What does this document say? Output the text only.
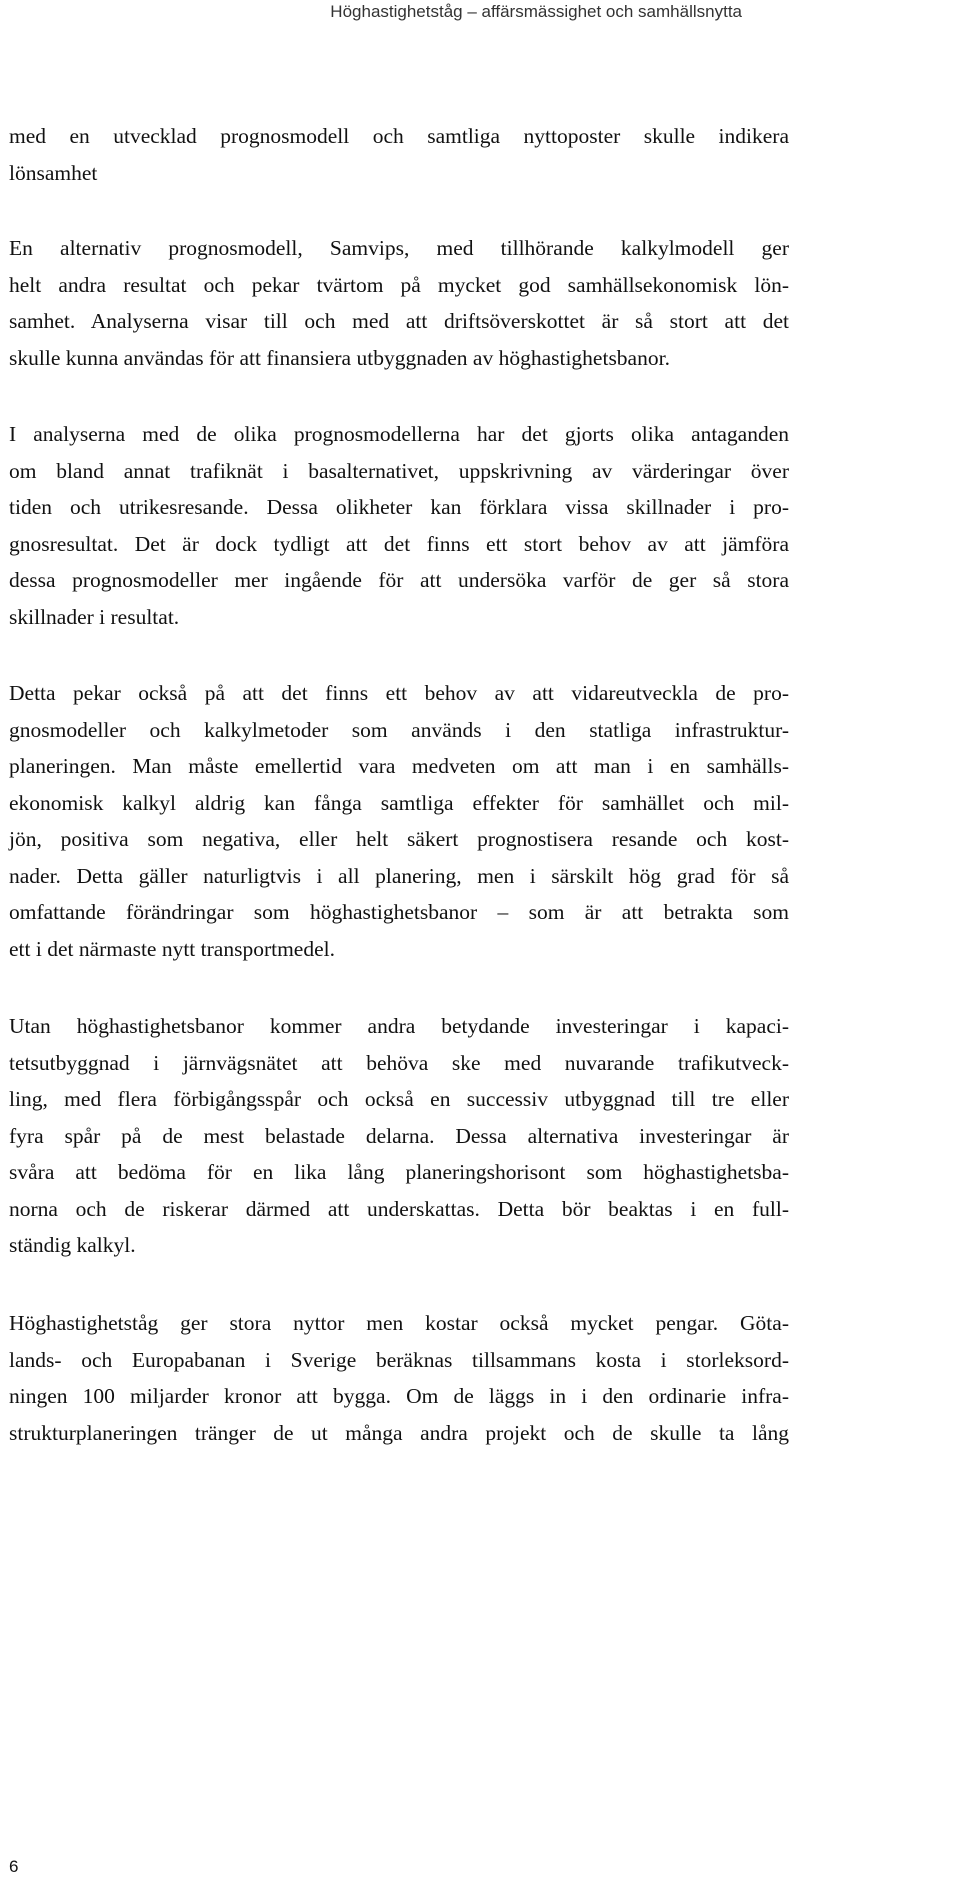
Höghastighetståg – affärsmässighet och samhällsnytta
med en utvecklad prognosmodell och samtliga nyttoposter skulle indikera
lönsamhet
En alternativ prognosmodell, Samvips, med tillhörande kalkylmodell ger
helt andra resultat och pekar tvärtom på mycket god samhällsekonomisk lön-
samhet. Analyserna visar till och med att driftsöverskottet är så stort att det
skulle kunna användas för att finansiera utbyggnaden av höghastighetsbanor.
I analyserna med de olika prognosmodellerna har det gjorts olika antaganden
om bland annat trafiknät i basalternativet, uppskrivning av värderingar över
tiden och utrikesresande. Dessa olikheter kan förklara vissa skillnader i pro-
gnosresultat. Det är dock tydligt att det finns ett stort behov av att jämföra
dessa prognosmodeller mer ingående för att undersöka varför de ger så stora
skillnader i resultat.
Detta pekar också på att det finns ett behov av att vidareutveckla de pro-
gnosmodeller och kalkylmetoder som används i den statliga infrastruktur-
planeringen. Man måste emellertid vara medveten om att man i en samhälls-
ekonomisk kalkyl aldrig kan fånga samtliga effekter för samhället och mil-
jön, positiva som negativa, eller helt säkert prognostisera resande och kost-
nader. Detta gäller naturligtvis i all planering, men i särskilt hög grad för så
omfattande förändringar som höghastighetsbanor – som är att betrakta som
ett i det närmaste nytt transportmedel.
Utan höghastighetsbanor kommer andra betydande investeringar i kapaci-
tetsutbyggnad i järnvägsnätet att behöva ske med nuvarande trafikutveck-
ling, med flera förbigångsspår och också en successiv utbyggnad till tre eller
fyra spår på de mest belastade delarna. Dessa alternativa investeringar är
svåra att bedöma för en lika lång planeringshorisont som höghastighetsba-
norna och de riskerar därmed att underskattas. Detta bör beaktas i en full-
ständig kalkyl.
Höghastighetståg ger stora nyttor men kostar också mycket pengar. Göta-
lands- och Europabanan i Sverige beräknas tillsammans kosta i storleksord-
ningen 100 miljarder kronor att bygga. Om de läggs in i den ordinarie infra-
strukturplaneringen tränger de ut många andra projekt och de skulle ta lång
6
